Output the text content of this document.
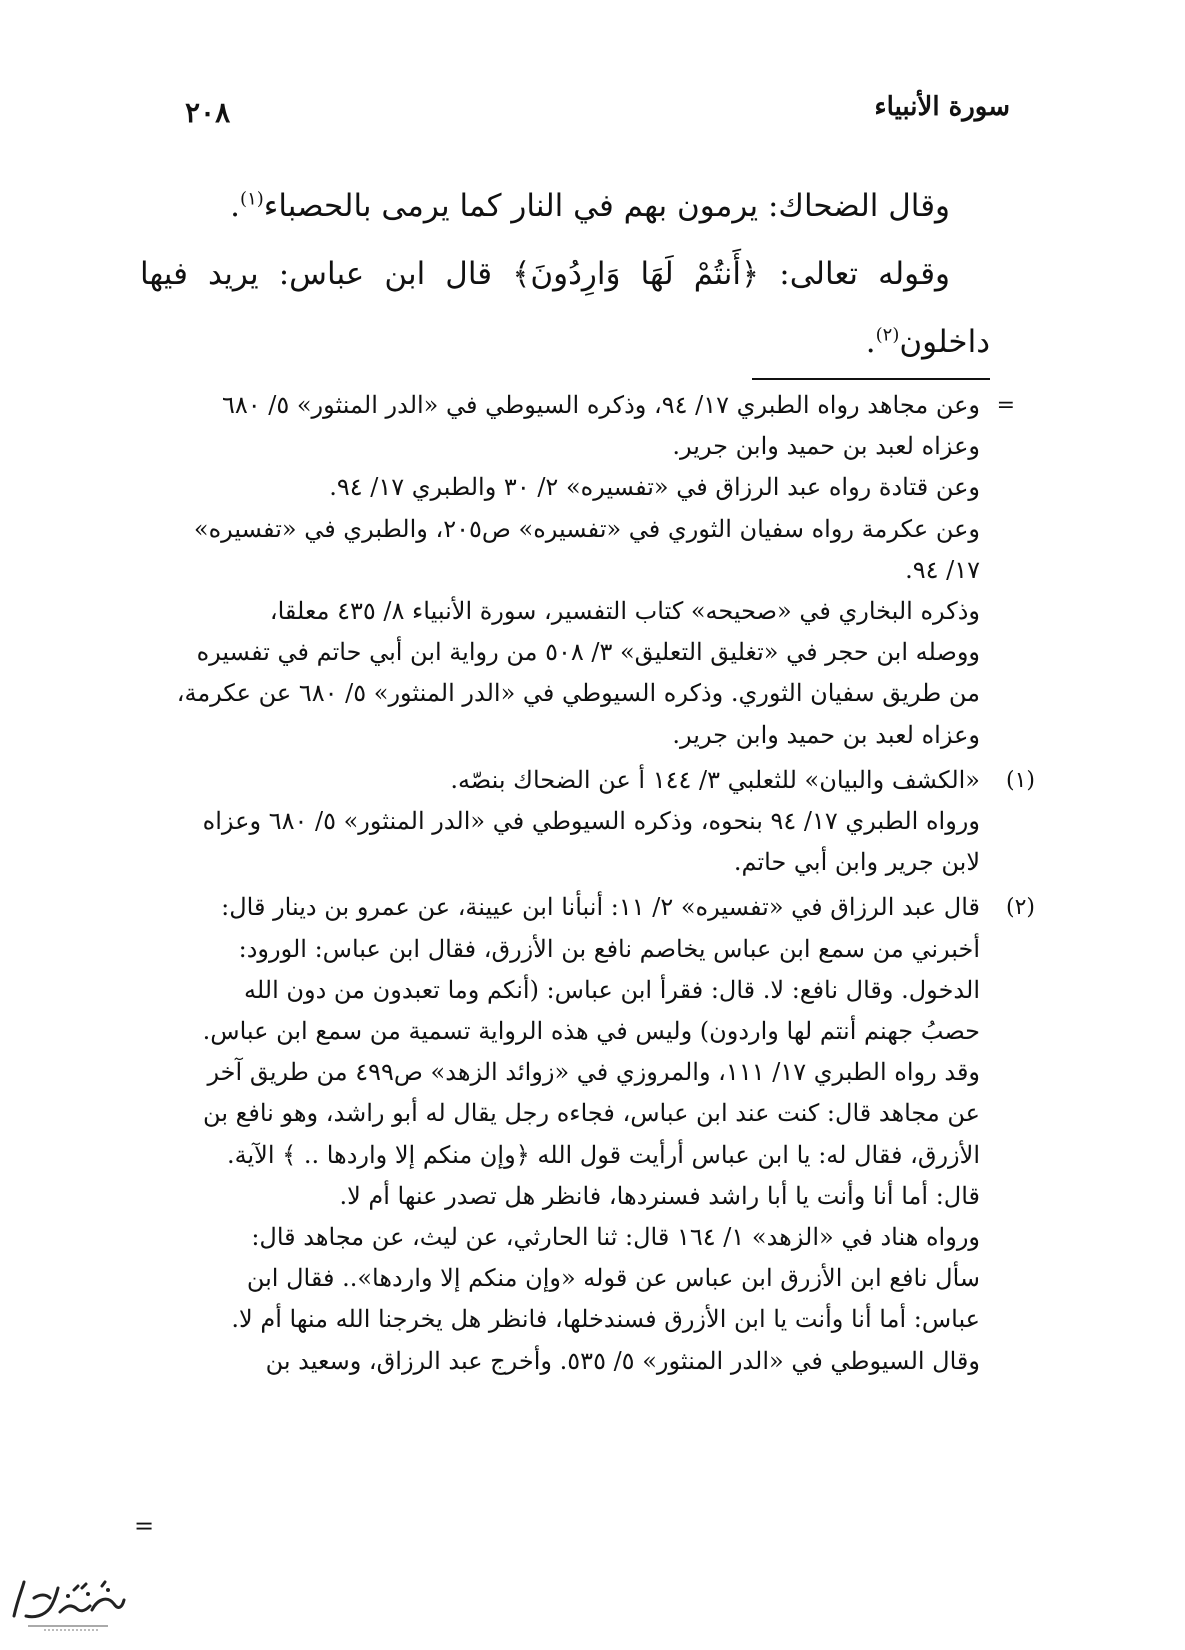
سورة الأنبياء
٢٠٨

وقال الضحاك: يرمون بهم في النار كما يرمى بالحصباء$^{(١)}$.

وقوله تعالى: ﴿أَنتُمْ لَهَا وَارِدُونَ﴾ قال ابن عباس: يريد فيها داخلون$^{(٢)}$.

=
وعن مجاهد رواه الطبري ١٧/ ٩٤، وذكره السيوطي في «الدر المنثور» ٥/ ٦٨٠
وعزاه لعبد بن حميد وابن جرير.
وعن قتادة رواه عبد الرزاق في «تفسيره» ٢/ ٣٠ والطبري ١٧/ ٩٤.
وعن عكرمة رواه سفيان الثوري في «تفسيره» ص٢٠٥، والطبري في «تفسيره»
١٧/ ٩٤.
وذكره البخاري في «صحيحه» كتاب التفسير، سورة الأنبياء ٨/ ٤٣٥ معلقا،
ووصله ابن حجر في «تغليق التعليق» ٣/ ٥٠٨ من رواية ابن أبي حاتم في تفسيره
من طريق سفيان الثوري. وذكره السيوطي في «الدر المنثور» ٥/ ٦٨٠ عن عكرمة،
وعزاه لعبد بن حميد وابن جرير.
(١)
«الكشف والبيان» للثعلبي ٣/ ١٤٤ أ عن الضحاك بنصّه.
ورواه الطبري ١٧/ ٩٤ بنحوه، وذكره السيوطي في «الدر المنثور» ٥/ ٦٨٠ وعزاه
لابن جرير وابن أبي حاتم.
(٢)
قال عبد الرزاق في «تفسيره» ٢/ ١١: أنبأنا ابن عيينة، عن عمرو بن دينار قال:
أخبرني من سمع ابن عباس يخاصم نافع بن الأزرق، فقال ابن عباس: الورود:
الدخول. وقال نافع: لا. قال: فقرأ ابن عباس: (أنكم وما تعبدون من دون الله
حصبُ جهنم أنتم لها واردون) وليس في هذه الرواية تسمية من سمع ابن عباس.
وقد رواه الطبري ١٧/ ١١١، والمروزي في «زوائد الزهد» ص٤٩٩ من طريق آخر
عن مجاهد قال: كنت عند ابن عباس، فجاءه رجل يقال له أبو راشد، وهو نافع بن
الأزرق، فقال له: يا ابن عباس أرأيت قول الله ﴿وإن منكم إلا واردها .. ﴾ الآية.
قال: أما أنا وأنت يا أبا راشد فسنردها، فانظر هل تصدر عنها أم لا.
ورواه هناد في «الزهد» ١/ ١٦٤ قال: ثنا الحارثي، عن ليث، عن مجاهد قال:
سأل نافع ابن الأزرق ابن عباس عن قوله «وإن منكم إلا واردها».. فقال ابن
عباس: أما أنا وأنت يا ابن الأزرق فسندخلها، فانظر هل يخرجنا الله منها أم لا.
وقال السيوطي في «الدر المنثور» ٥/ ٥٣٥. وأخرج عبد الرزاق، وسعيد بن
=
